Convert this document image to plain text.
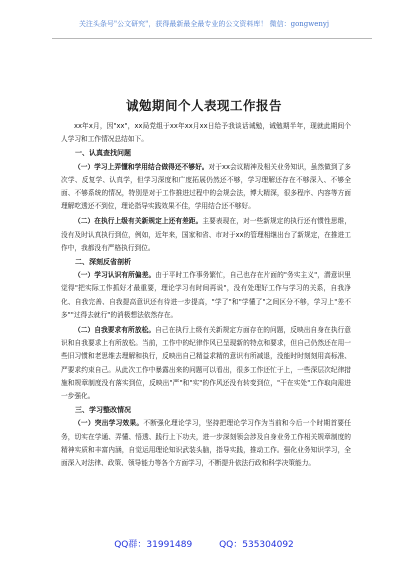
关注头条号"公文研究"，获得最新最全最专业的公文资料库！ 微信：gongwenyj
诚勉期间个人表现工作报告

xx年x月，因"xx"，xx局党组于xx年xx月xx日给予我谈话诫勉，诫勉期半年，现就此期间个人学习和工作情况总结如下。

一、认真查找问题

（一）学习上弄懂和学用结合做得还不够好。对于xx会议精神及相关业务知识，虽然做到了多次学、反复学、认真学，但学习深度和广度拓展仍然还不够，学习理解还存在不够深入、不够全面、不够系统的情况，特别是对于工作推进过程中的会规会法，博大精深，很多程序、内容等方面理解吃透还不到位，理论指导实践效果不佳，学用结合还不够好。

（二）在执行上级有关新规定上还有差距。主要表现在，对一些新规定的执行还有惯性思维，没有及时认真执行到位，例如，近年来，国家和省、市对于xx的管理相继出台了新规定，在推进工作中，我都没有严格执行到位。

二、深刻反省剖析

（一）学习认识有所偏差。由于平时工作事务繁忙，自己也存在片面的"务实主义"，潜意识里觉得"把实际工作抓好才最重要，理论学习有时间再说"，没有处理好工作与学习的关系，自我净化、自我完善、自我提高意识还有待进一步提高，"学了"和"学懂了"之间区分不够，学习上"差不多""过得去就行"的消极想法依然存在。

（二）自我要求有所放松。自己在执行上级有关新规定方面存在的问题，反映出自身在执行意识和自我要求上有所放松。当前，工作中的纪律作风已呈现新的特点和要求，但自己仍然还在用一些旧习惯和老思维去理解和执行，反映出自己精益求精的意识有所减退，没能时时刻刻用高标准、严要求约束自己。从此次工作中暴露出来的问题可以看出，很多工作还忙于上，一些深层次纪律措施和规章制度没有落实到位，反映出"严"和"实"的作风还没有转变到位，"干在实处"工作取向需进一步强化。

三、学习整改情况

（一）突出学习效果。不断强化理论学习，坚持把理论学习作为当前和今后一个时期首要任务，切实在学通、弄懂、悟透、践行上下功夫，进一步深刻领会涉及自身业务工作相关规章制度的精神实质和丰富内涵，自觉运用理论知识武装头脑，指导实践，推动工作。强化业务知识学习，全面深入对法律、政策、领导能力等各个方面学习，不断提升依法行政和科学决策能力。

QQ群：31991489	QQ：535304092
